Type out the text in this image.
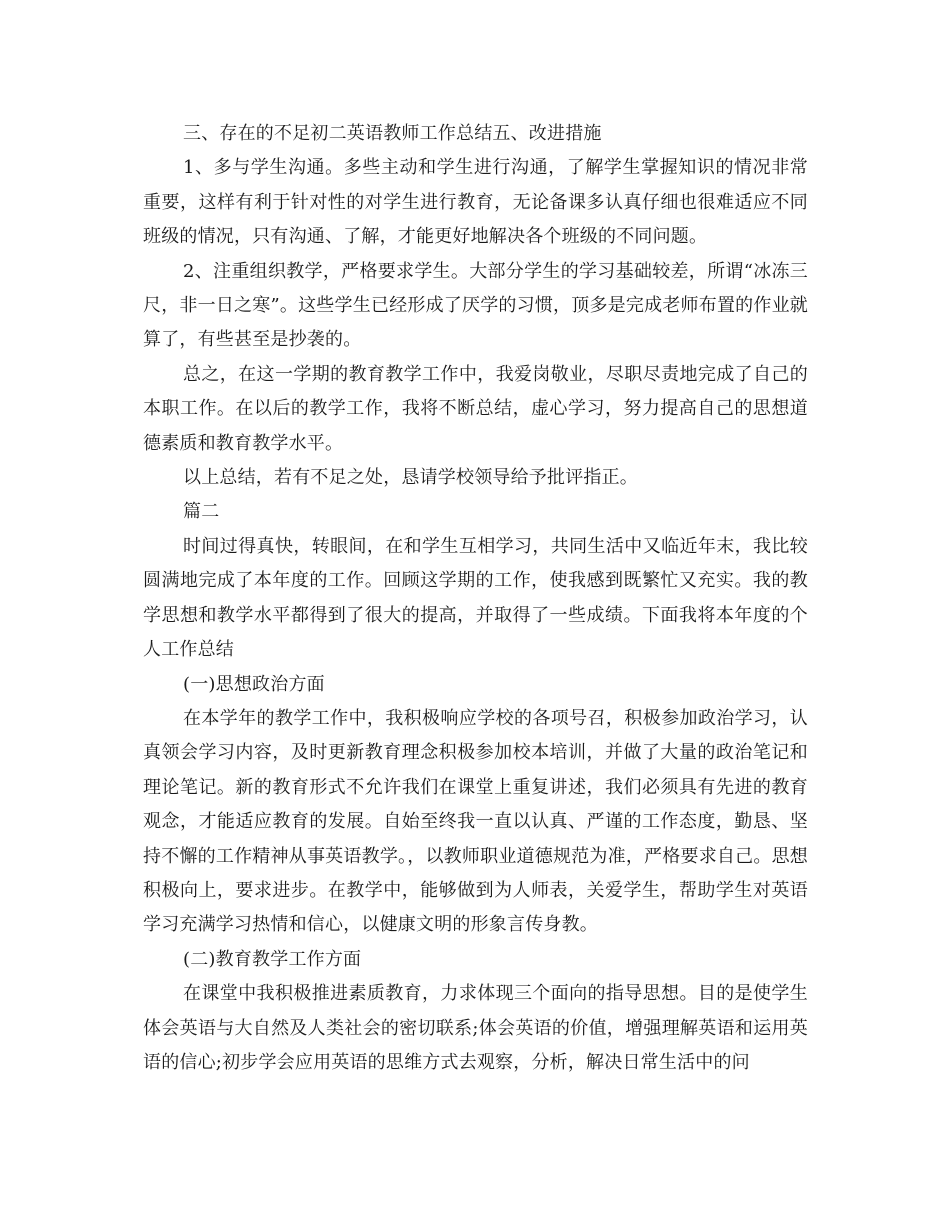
三、存在的不足初二英语教师工作总结五、改进措施

1、多与学生沟通。多些主动和学生进行沟通，了解学生掌握知识的情况非常重要，这样有利于针对性的对学生进行教育，无论备课多认真仔细也很难适应不同班级的情况，只有沟通、了解，才能更好地解决各个班级的不同问题。

2、注重组织教学，严格要求学生。大部分学生的学习基础较差，所谓“冰冻三尺，非一日之寒”。这些学生已经形成了厌学的习惯，顶多是完成老师布置的作业就算了，有些甚至是抄袭的。

总之，在这一学期的教育教学工作中，我爱岗敬业，尽职尽责地完成了自己的本职工作。在以后的教学工作，我将不断总结，虚心学习，努力提高自己的思想道德素质和教育教学水平。

以上总结，若有不足之处，恳请学校领导给予批评指正。

篇二

时间过得真快，转眼间，在和学生互相学习，共同生活中又临近年末，我比较圆满地完成了本年度的工作。回顾这学期的工作，使我感到既繁忙又充实。我的教学思想和教学水平都得到了很大的提高，并取得了一些成绩。下面我将本年度的个人工作总结

(一)思想政治方面

在本学年的教学工作中，我积极响应学校的各项号召，积极参加政治学习，认真领会学习内容，及时更新教育理念积极参加校本培训，并做了大量的政治笔记和理论笔记。新的教育形式不允许我们在课堂上重复讲述，我们必须具有先进的教育观念，才能适应教育的发展。自始至终我一直以认真、严谨的工作态度，勤恳、坚持不懈的工作精神从事英语教学。，以教师职业道德规范为准，严格要求自己。思想积极向上，要求进步。在教学中，能够做到为人师表，关爱学生，帮助学生对英语学习充满学习热情和信心，以健康文明的形象言传身教。

(二)教育教学工作方面

在课堂中我积极推进素质教育，力求体现三个面向的指导思想。目的是使学生体会英语与大自然及人类社会的密切联系;体会英语的价值，增强理解英语和运用英语的信心;初步学会应用英语的思维方式去观察，分析，解决日常生活中的问
